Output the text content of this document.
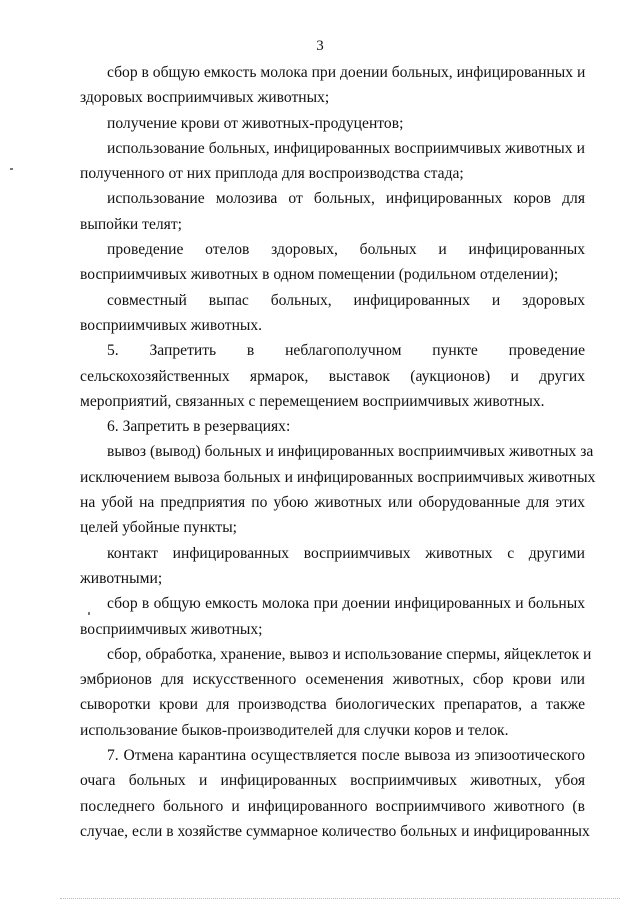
3

сбор в общую емкость молока при доении больных, инфицированных и
здоровых восприимчивых животных;

получение крови от животных-продуцентов;

использование больных, инфицированных восприимчивых животных и
полученного от них приплода для воспроизводства стада;

использование молозива от больных, инфицированных коров для
выпойки телят;

проведение отелов здоровых, больных и инфицированных
восприимчивых животных в одном помещении (родильном отделении);

совместный выпас больных, инфицированных и здоровых
восприимчивых животных.

5. Запретить в неблагополучном пункте проведение
сельскохозяйственных ярмарок, выставок (аукционов) и других
мероприятий, связанных с перемещением восприимчивых животных.

6. Запретить в резервациях:

вывоз (вывод) больных и инфицированных восприимчивых животных за
исключением вывоза больных и инфицированных восприимчивых животных
на убой на предприятия по убою животных или оборудованные для этих
целей убойные пункты;

контакт инфицированных восприимчивых животных с другими
животными;

сбор в общую емкость молока при доении инфицированных и больных
восприимчивых животных;

сбор, обработка, хранение, вывоз и использование спермы, яйцеклеток и
эмбрионов для искусственного осеменения животных, сбор крови или
сыворотки крови для производства биологических препаратов, а также
использование быков-производителей для случки коров и телок.

7. Отмена карантина осуществляется после вывоза из эпизоотического
очага больных и инфицированных восприимчивых животных, убоя
последнего больного и инфицированного восприимчивого животного (в
случае, если в хозяйстве суммарное количество больных и инфицированных
